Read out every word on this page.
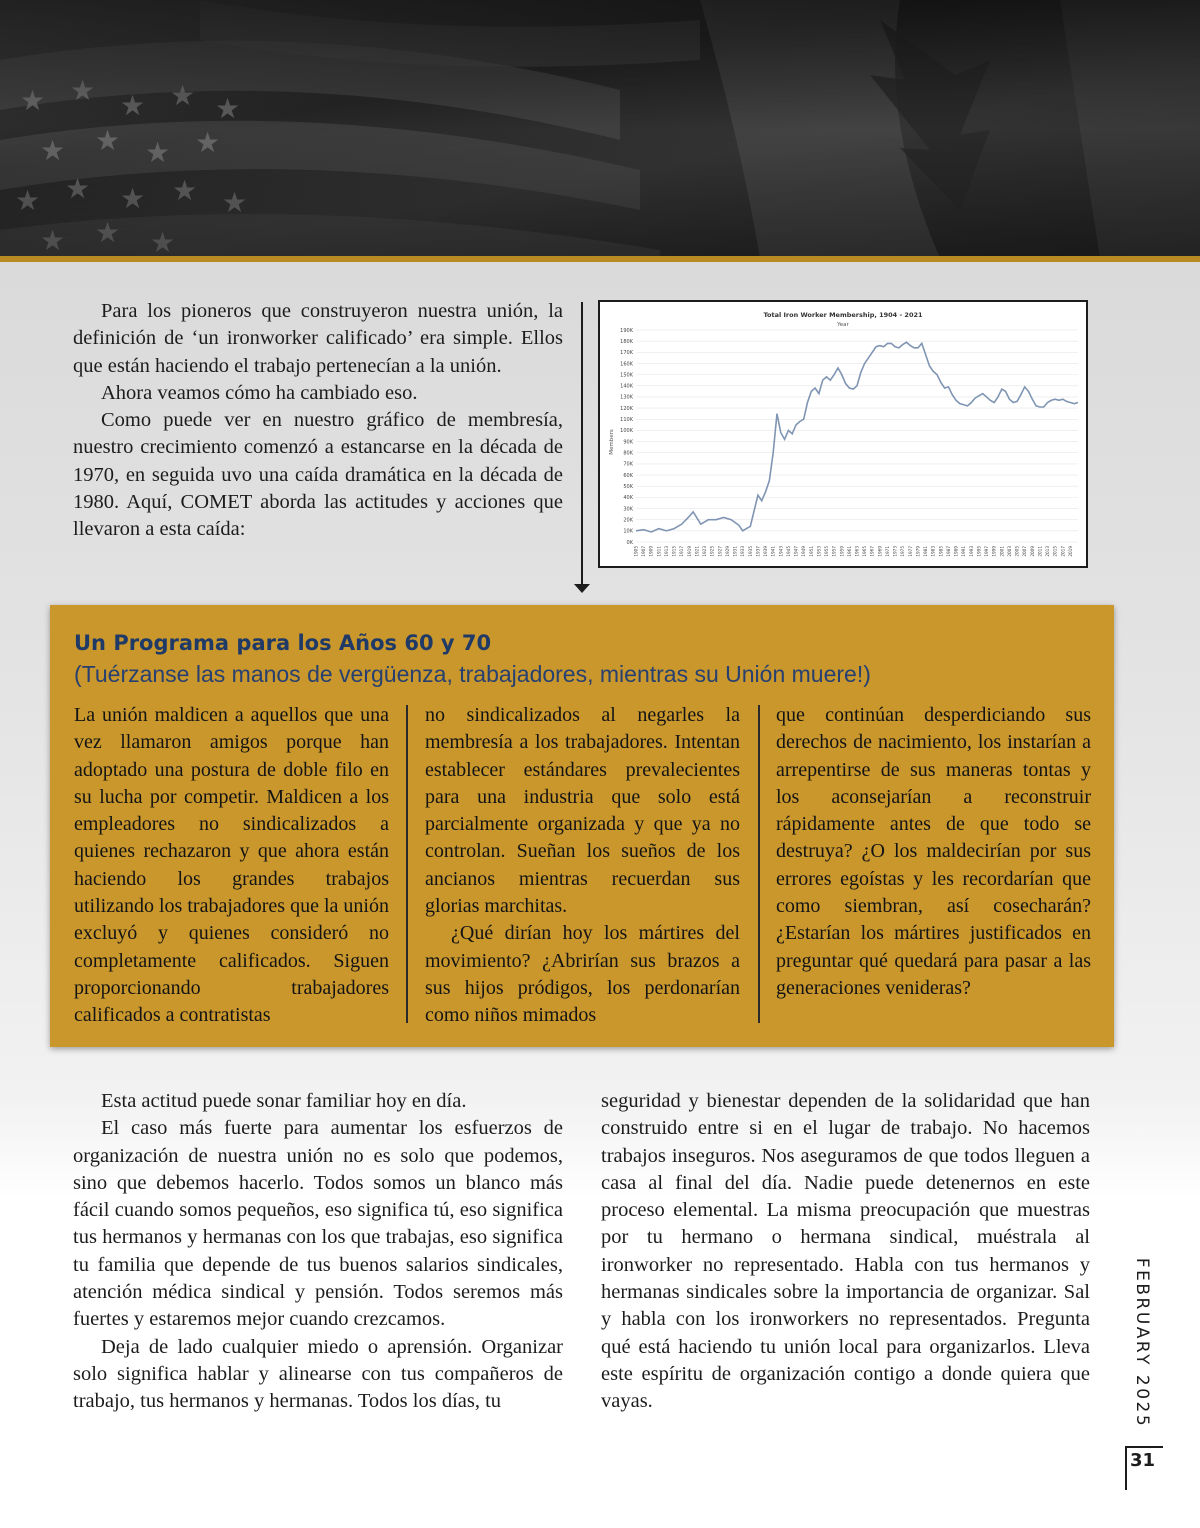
Para los pioneros que construyeron nuestra unión, la definición de ‘un ironworker calificado’ era simple. Ellos que están haciendo el trabajo pertenecían a la unión.

Ahora veamos cómo ha cambiado eso.

Como puede ver en nuestro gráfico de membresía, nuestro crecimiento comenzó a estancarse en la década de 1970, en seguida uvo una caída dramática en la década de 1980. Aquí, COMET aborda las actitudes y acciones que llevaron a esta caída:

Total Iron Worker Membership, 1904 - 2021
Year
Members
0K
10K
20K
30K
40K
50K
60K
70K
80K
90K
100K
110K
120K
130K
140K
150K
160K
170K
180K
190K
1905 1907 1909 1911 1913 1915 1917 1919 1921 1923 1925 1927 1929 1931 1933 1935 1937 1939 1941 1943 1945 1947 1949 1951 1953 1955 1957 1959 1961 1963 1965 1967 1969 1971 1973 1975 1977 1979 1981 1983 1985 1987 1989 1991 1993 1995 1997 1999 2001 2003 2005 2007 2009 2011 2013 2015 2017 2019
Un Programa para los Años 60 y 70

(Tuérzanse las manos de vergüenza, trabajadores, mientras su Unión muere!)

La unión maldicen a aquellos que una vez llamaron amigos porque han adoptado una postura de doble filo en su lucha por competir. Maldicen a los empleadores no sindicalizados a quienes rechazaron y que ahora están haciendo los grandes trabajos utilizando los trabajadores que la unión excluyó y quienes consideró no completamente calificados. Siguen proporcionando trabajadores calificados a contratistas

no sindicalizados al negarles la membresía a los trabajadores. Intentan establecer estándares prevalecientes para una industria que solo está parcialmente organizada y que ya no controlan. Sueñan los sueños de los ancianos mientras recuerdan sus glorias marchitas.

¿Qué dirían hoy los mártires del movimiento? ¿Abrirían sus brazos a sus hijos pródigos, los perdonarían como niños mimados

que continúan desperdiciando sus derechos de nacimiento, los instarían a arrepentirse de sus maneras tontas y los aconsejarían a reconstruir rápidamente antes de que todo se destruya? ¿O los maldecirían por sus errores egoístas y les recordarían que como siembran, así cosecharán? ¿Estarían los mártires justificados en preguntar qué quedará para pasar a las generaciones venideras?

Esta actitud puede sonar familiar hoy en día.

El caso más fuerte para aumentar los esfuerzos de organización de nuestra unión no es solo que podemos, sino que debemos hacerlo. Todos somos un blanco más fácil cuando somos pequeños, eso significa tú, eso significa tus hermanos y hermanas con los que trabajas, eso significa tu familia que depende de tus buenos salarios sindicales, atención médica sindical y pensión. Todos seremos más fuertes y estaremos mejor cuando crezcamos.

Deja de lado cualquier miedo o aprensión. Organizar solo significa hablar y alinearse con tus compañeros de trabajo, tus hermanos y hermanas. Todos los días, tu

seguridad y bienestar dependen de la solidaridad que han construido entre si en el lugar de trabajo. No hacemos trabajos inseguros. Nos aseguramos de que todos lleguen a casa al final del día. Nadie puede detenernos en este proceso elemental. La misma preocupación que muestras por tu hermano o hermana sindical, muéstrala al ironworker no representado. Habla con tus hermanos y hermanas sindicales sobre la importancia de organizar. Sal y habla con los ironworkers no representados. Pregunta qué está haciendo tu unión local para organizarlos. Lleva este espíritu de organización contigo a donde quiera que vayas.	FEBRUARY 2025
31
